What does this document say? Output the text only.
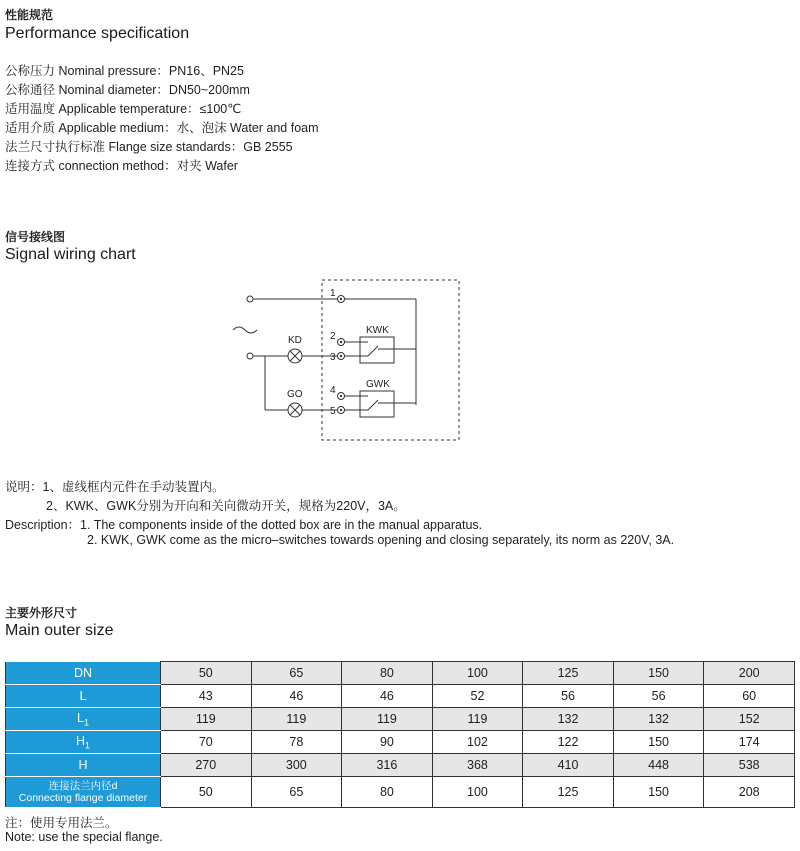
性能规范
Performance specification
公称压力 Nominal pressure：PN16、PN25
公称通径 Nominal diameter：DN50~200mm
适用温度 Applicable temperature：≤100℃
适用介质 Applicable medium：水、泡沫 Water and foam
法兰尺寸执行标准 Flange size standards：GB 2555
连接方式 connection method：对夹 Wafer
信号接线图
Signal wiring chart
KD
GO
1
2
3
4
5
KWK
GWK
说明：1、虚线框内元件在手动装置内。
2、KWK、GWK分别为开向和关向微动开关，规格为220V，3A。
Description：1. The components inside of the dotted box are in the manual apparatus.
2. KWK, GWK come as the micro–switches towards opening and closing separately, its norm as 220V, 3A.
主要外形尺寸
Main outer size
DN	50	65	80	100	125	150	200
L	43	46	46	52	56	56	60
$L_1$	119	119	119	119	132	132	152
$H_1$	70	78	90	102	122	150	174
H	270	300	316	368	410	448	538

连接法兰内径d
Connecting flange diameter	50	65	80	100	125	150	208
注：使用专用法兰。
Note: use the special flange.
